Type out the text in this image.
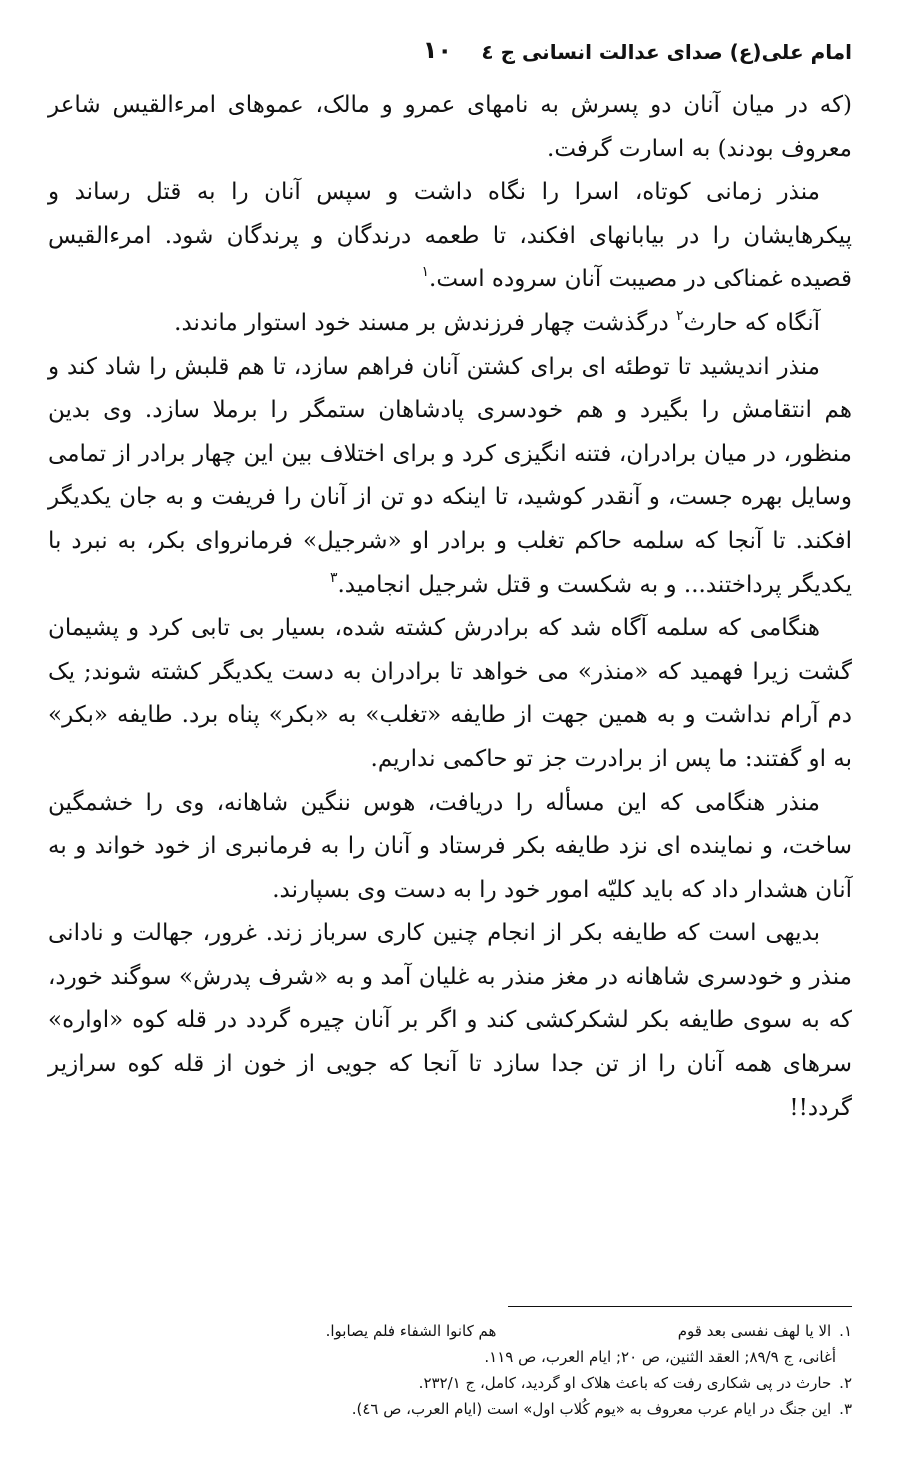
امام علی(ع) صدای عدالت انسانی ج ٤
۱۰

(که در میان آنان دو پسرش به نامهای عمرو و مالک، عموهای امرءالقیس شاعر معروف بودند) به اسارت گرفت.

منذر زمانی کوتاه، اسرا را نگاه داشت و سپس آنان را به قتل رساند و پیکرهایشان را در بیابانهای افکند، تا طعمه درندگان و پرندگان شود. امرءالقیس قصیده غمناکی در مصیبت آنان سروده است.$^۱$

آنگاه که حارث$^۲$ درگذشت چهار فرزندش بر مسند خود استوار ماندند.

منذر اندیشید تا توطئه ای برای کشتن آنان فراهم سازد، تا هم قلبش را شاد کند و هم انتقامش را بگیرد و هم خودسری پادشاهان ستمگر را برملا سازد. وی بدین منظور، در میان برادران، فتنه انگیزی کرد و برای اختلاف بین این چهار برادر از تمامی وسایل بهره جست، و آنقدر کوشید، تا اینکه دو تن از آنان را فریفت و به جان یکدیگر افکند. تا آنجا که سلمه حاکم تغلب و برادر او «شرجیل» فرمانروای بکر، به نبرد با یکدیگر پرداختند... و به شکست و قتل شرجیل انجامید.$^۳$

هنگامی که سلمه آگاه شد که برادرش کشته شده، بسیار بی تابی کرد و پشیمان گشت زیرا فهمید که «منذر» می خواهد تا برادران به دست یکدیگر کشته شوند; یک دم آرام نداشت و به همین جهت از طایفه «تغلب» به «بکر» پناه برد. طایفه «بکر» به او گفتند: ما پس از برادرت جز تو حاکمی نداریم.

منذر هنگامی که این مسأله را دریافت، هوس ننگین شاهانه، وی را خشمگین ساخت، و نماینده ای نزد طایفه بکر فرستاد و آنان را به فرمانبری از خود خواند و به آنان هشدار داد که باید کلیّه امور خود را به دست وی بسپارند.

بدیهی است که طایفه بکر از انجام چنین کاری سرباز زند. غرور، جهالت و نادانی منذر و خودسری شاهانه در مغز منذر به غلیان آمد و به «شرف پدرش» سوگند خورد، که به سوی طایفه بکر لشکرکشی کند و اگر بر آنان چیره گردد در قله کوه «اواره» سرهای همه آنان را از تن جدا سازد تا آنجا که جویی از خون از قله کوه سرازیر گردد!!

۱. الا یا لهف نفسی بعد قوم هم کانوا الشفاء فلم یصابوا.
أغانی، ج ۸۹/۹; العقد الثنین، ص ۲۰; ایام العرب، ص ۱۱۹.
۲. حارث در پی شکاری رفت که باعث هلاک او گردید، کامل، ج ۲۳۲/۱.
۳. این جنگ در ایام عرب معروف به «یوم کُلاب اول» است (ایام العرب، ص ٤٦).
